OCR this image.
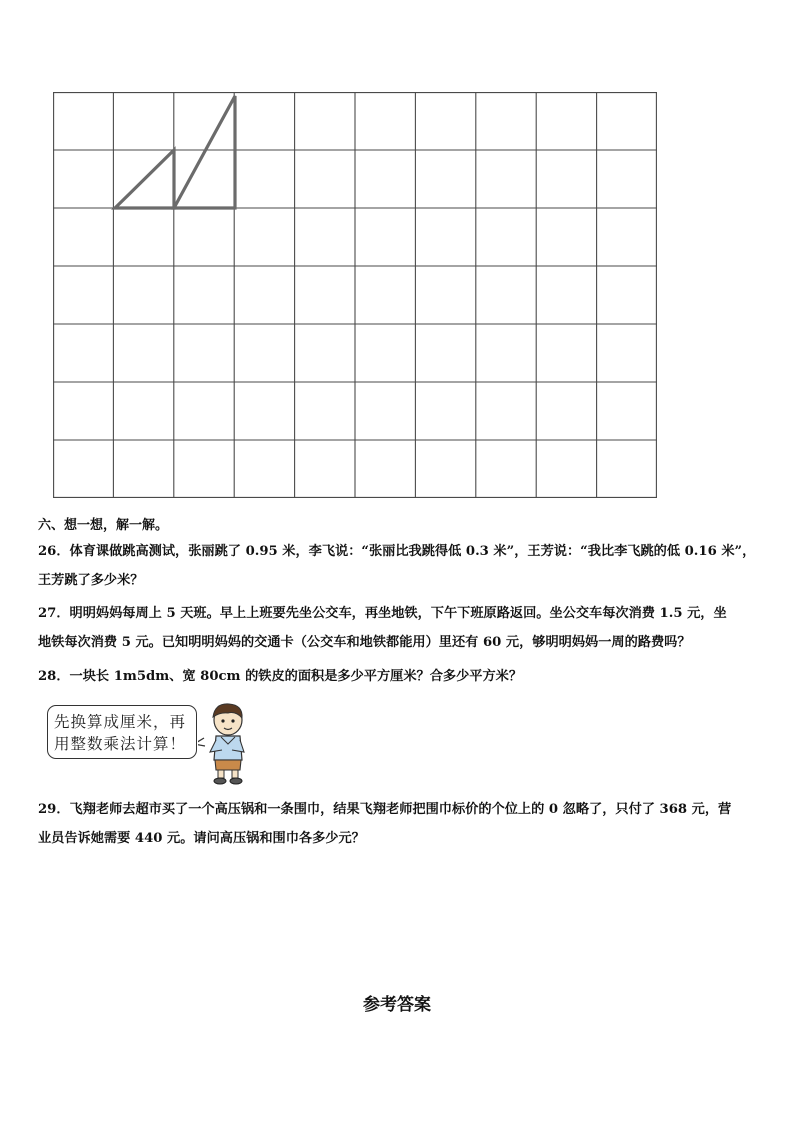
六、想一想，解一解。

26．体育课做跳高测试，张丽跳了 0.95 米，李飞说：“张丽比我跳得低 0.3 米”，王芳说：“我比李飞跳的低 0.16 米”，

王芳跳了多少米？

27．明明妈妈每周上 5 天班。早上上班要先坐公交车，再坐地铁，下午下班原路返回。坐公交车每次消费 1.5 元，坐

地铁每次消费 5 元。已知明明妈妈的交通卡（公交车和地铁都能用）里还有 60 元，够明明妈妈一周的路费吗？

28．一块长 1m5dm、宽 80cm 的铁皮的面积是多少平方厘米？合多少平方米？

先换算成厘米，再
用整数乘法计算！

29．飞翔老师去超市买了一个高压锅和一条围巾，结果飞翔老师把围巾标价的个位上的 0 忽略了，只付了 368 元，营

业员告诉她需要 440 元。请问高压锅和围巾各多少元？

参考答案
